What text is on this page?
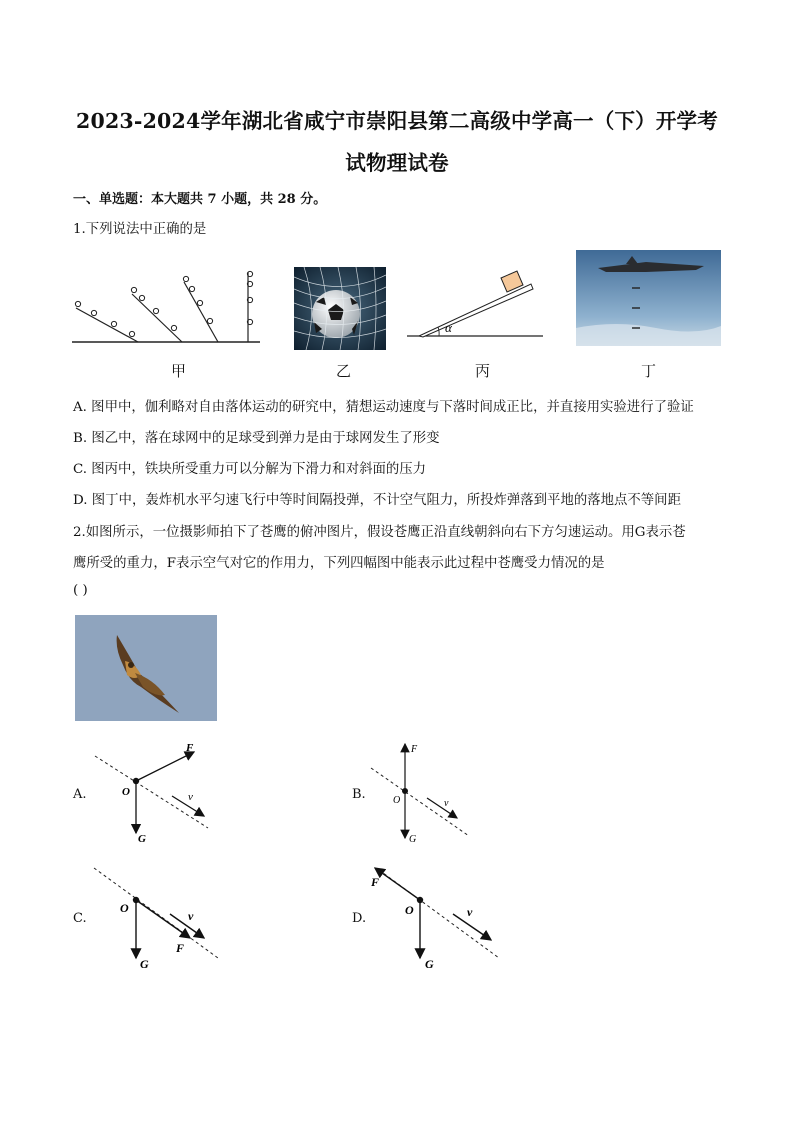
2023-2024学年湖北省咸宁市崇阳县第二高级中学高一（下）开学考
试物理试卷
一、单选题：本大题共 7 小题，共 28 分。
1.下列说法中正确的是
甲	乙
α
丙	丁
A. 图甲中，伽利略对自由落体运动的研究中，猜想运动速度与下落时间成正比，并直接用实验进行了验证
B. 图乙中，落在球网中的足球受到弹力是由于球网发生了形变
C. 图丙中，铁块所受重力可以分解为下滑力和对斜面的压力
D. 图丁中，轰炸机水平匀速飞行中等时间隔投弹，不计空气阻力，所投炸弹落到平地的落地点不等间距
2.如图所示，一位摄影师拍下了苍鹰的俯冲图片，假设苍鹰正沿直线朝斜向右下方匀速运动。用G表示苍
鹰所受的重力，F表示空气对它的作用力，下列四幅图中能表示此过程中苍鹰受力情况的是
( )
A.
F
O
G
v	B.
F
O
G
v
C.
O
G
F
v	D.
F
O
G
v
